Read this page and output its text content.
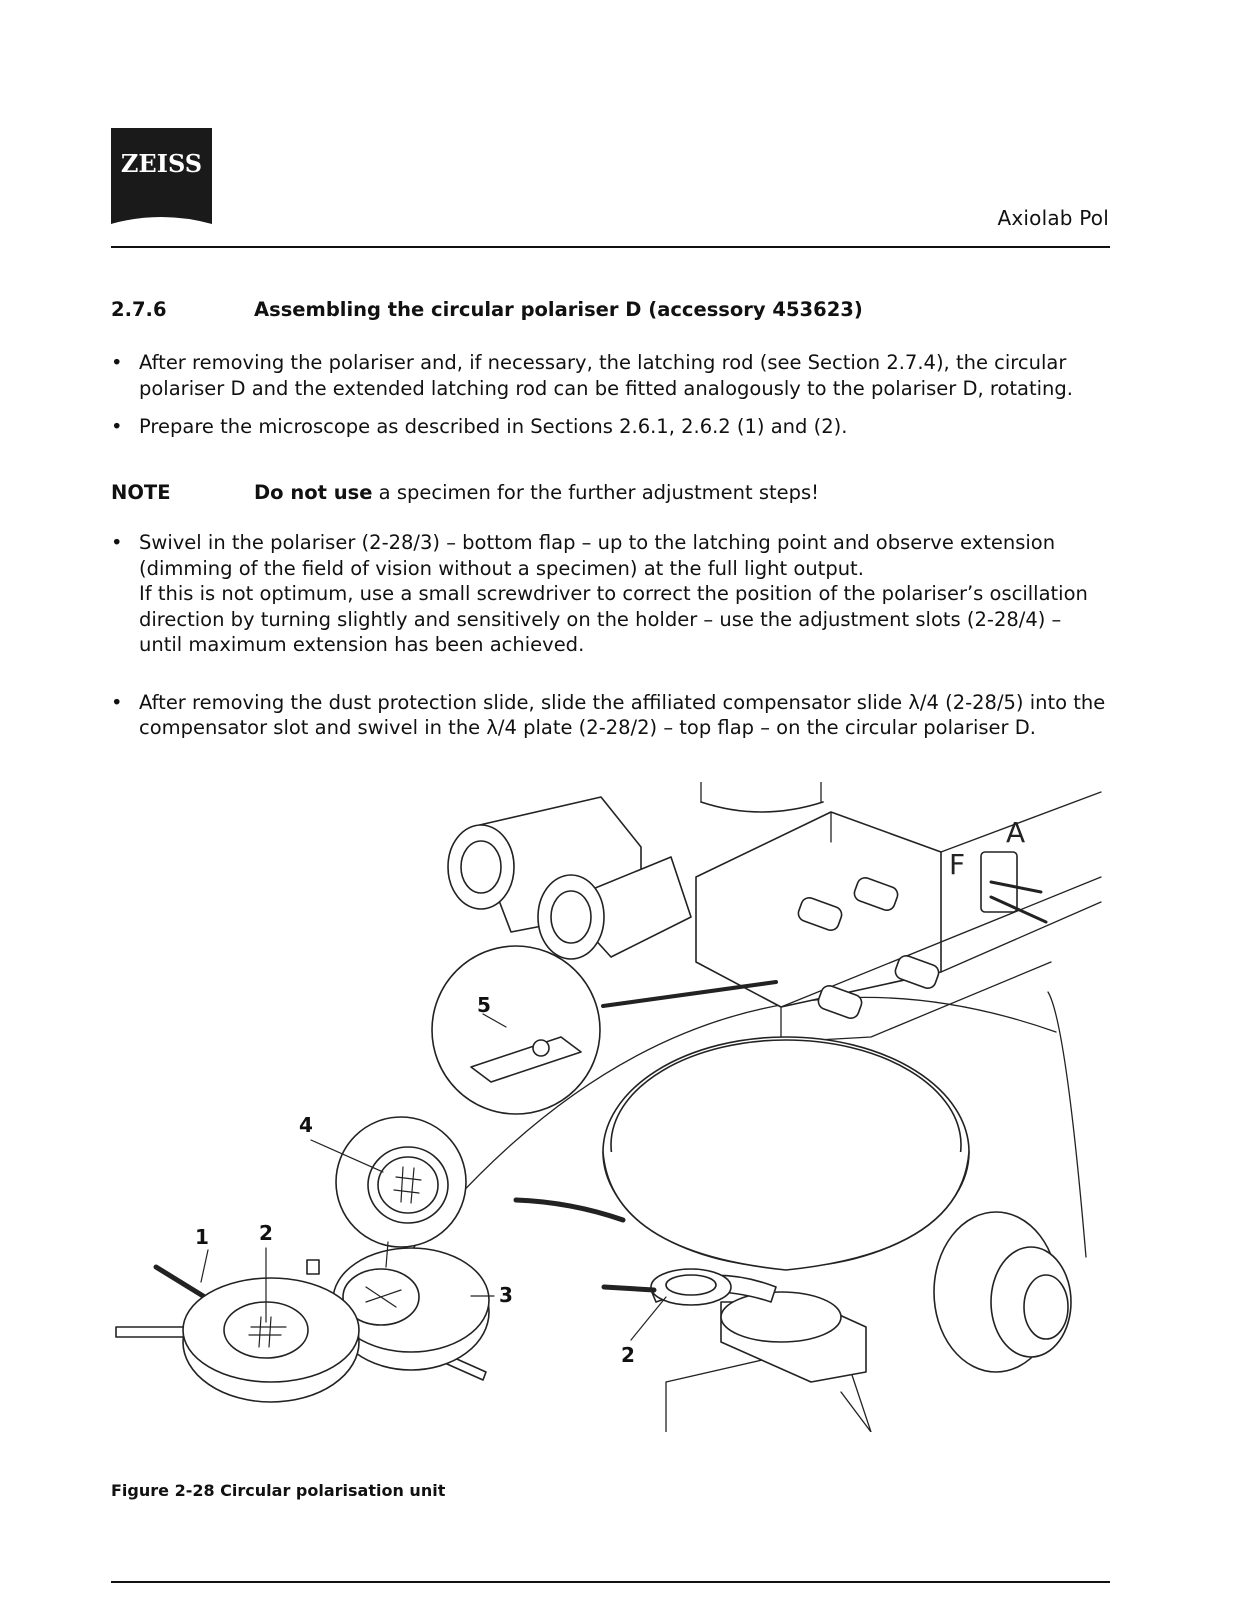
ZEISS
Axiolab Pol
2.7.6	Assembling the circular polariser D (accessory 453623)
• After removing the polariser and, if necessary, the latching rod (see Section 2.7.4), the circular polariser D and the extended latching rod can be fitted analogously to the polariser D, rotating.
• Prepare the microscope as described in Sections 2.6.1, 2.6.2 (1) and (2).
NOTE	Do not use a specimen for the further adjustment steps!
• Swivel in the polariser (2-28/3) – bottom flap – up to the latching point and observe extension (dimming of the field of vision without a specimen) at the full light output.
If this is not optimum, use a small screwdriver to correct the position of the polariser’s oscillation direction by turning slightly and sensitively on the holder – use the adjustment slots (2-28/4) – until maximum extension has been achieved.
• After removing the dust protection slide, slide the affiliated compensator slide λ/4 (2-28/5) into the compensator slot and swivel in the λ/4 plate (2-28/2) – top flap – on the circular polariser D.
F
A
1	2
3
4
5
2
Figure 2-28 Circular polarisation unit
